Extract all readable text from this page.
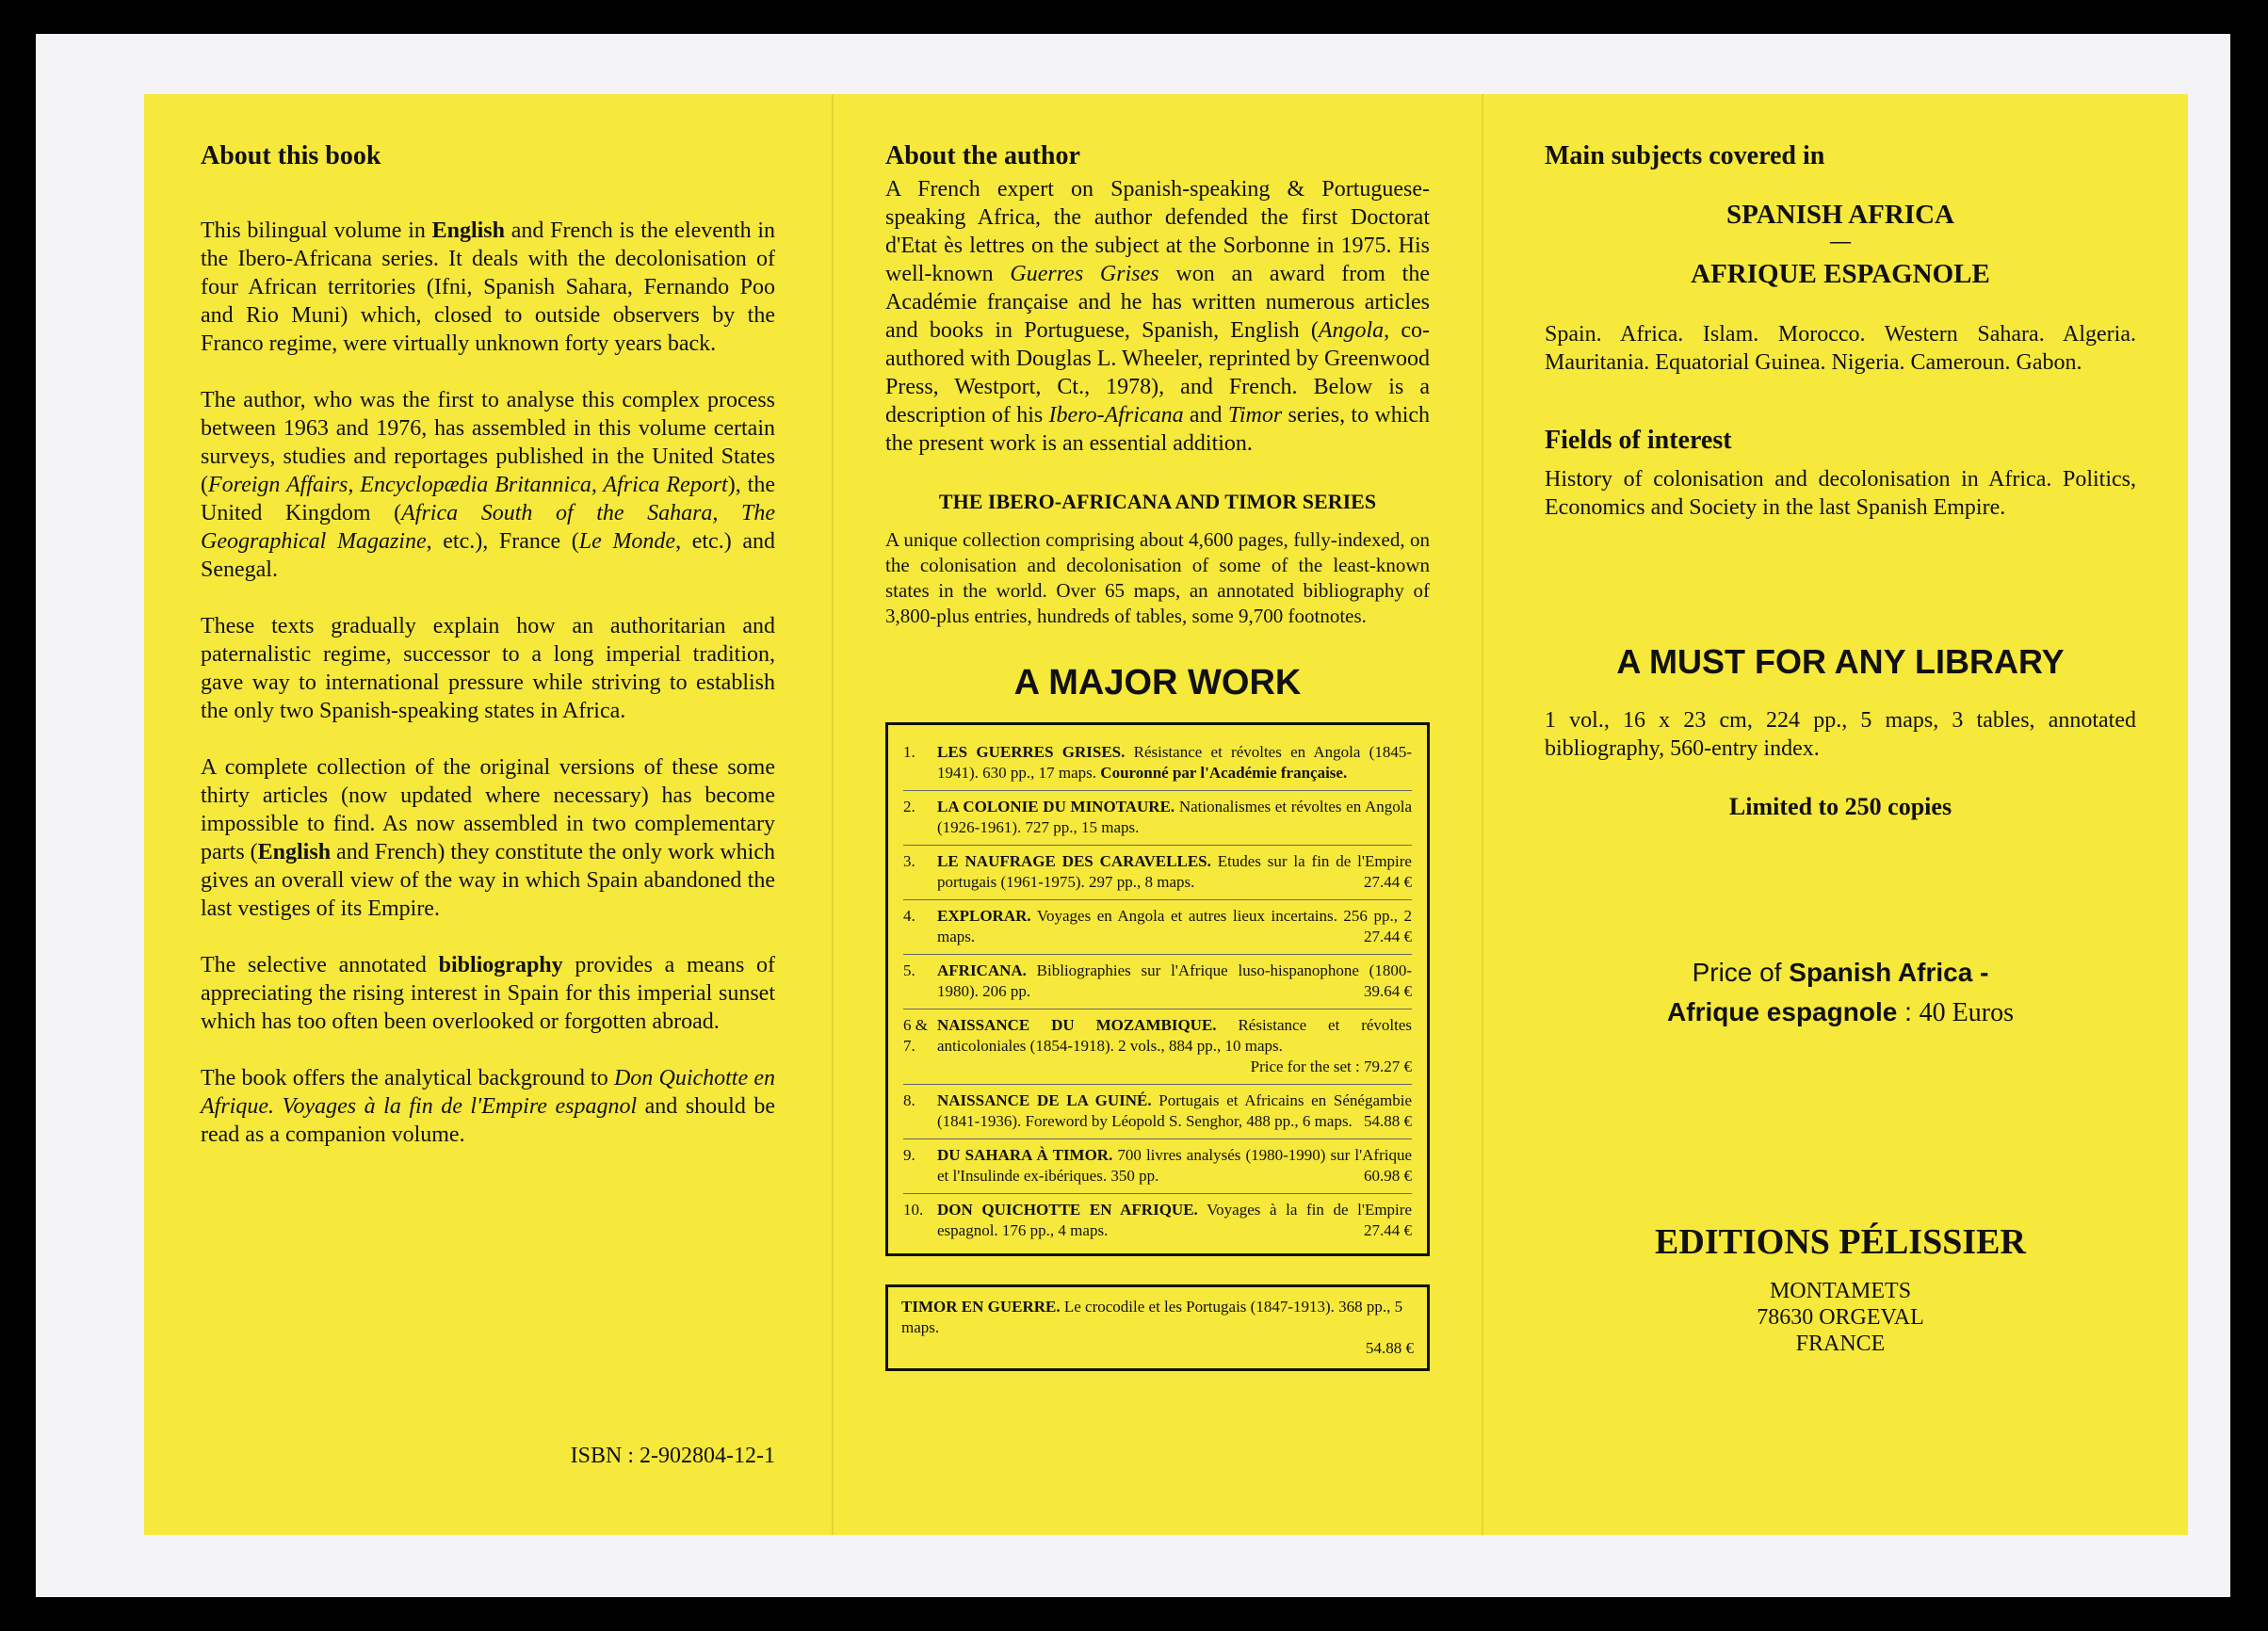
About this book

This bilingual volume in English and French is the eleventh in the Ibero-Africana series. It deals with the decolonisation of four African territories (Ifni, Spanish Sahara, Fernando Poo and Rio Muni) which, closed to outside observers by the Franco regime, were virtually unknown forty years back.

The author, who was the first to analyse this complex process between 1963 and 1976, has assembled in this volume certain surveys, studies and reportages published in the United States (Foreign Affairs, Encyclopædia Britannica, Africa Report), the United Kingdom (Africa South of the Sahara, The Geographical Magazine, etc.), France (Le Monde, etc.) and Senegal.

These texts gradually explain how an authoritarian and paternalistic regime, successor to a long imperial tradition, gave way to international pressure while striving to establish the only two Spanish-speaking states in Africa.

A complete collection of the original versions of these some thirty articles (now updated where necessary) has become impossible to find. As now assembled in two complementary parts (English and French) they constitute the only work which gives an overall view of the way in which Spain abandoned the last vestiges of its Empire.

The selective annotated bibliography provides a means of appreciating the rising interest in Spain for this imperial sunset which has too often been overlooked or forgotten abroad.

The book offers the analytical background to Don Quichotte en Afrique. Voyages à la fin de l'Empire espagnol and should be read as a companion volume.

ISBN : 2-902804-12-1
About the author

A French expert on Spanish-speaking & Portuguese-speaking Africa, the author defended the first Doctorat d'Etat ès lettres on the subject at the Sorbonne in 1975. His well-known Guerres Grises won an award from the Académie française and he has written numerous articles and books in Portuguese, Spanish, English (Angola, co-authored with Douglas L. Wheeler, reprinted by Greenwood Press, Westport, Ct., 1978), and French. Below is a description of his Ibero-Africana and Timor series, to which the present work is an essential addition.

THE IBERO-AFRICANA AND TIMOR SERIES

A unique collection comprising about 4,600 pages, fully-indexed, on the colonisation and decolonisation of some of the least-known states in the world. Over 65 maps, an annotated bibliography of 3,800-plus entries, hundreds of tables, some 9,700 footnotes.

A MAJOR WORK
1.	LES GUERRES GRISES. Résistance et révoltes en Angola (1845-1941). 630 pp., 17 maps. Couronné par l'Académie française.
2.	LA COLONIE DU MINOTAURE. Nationalismes et révoltes en Angola (1926-1961). 727 pp., 15 maps.
3.	LE NAUFRAGE DES CARAVELLES. Etudes sur la fin de l'Empire portugais (1961-1975). 297 pp., 8 maps.	27.44 €
4.	EXPLORAR. Voyages en Angola et autres lieux incertains. 256 pp., 2 maps.	27.44 €
5.	AFRICANA. Bibliographies sur l'Afrique luso-hispanophone (1800-1980). 206 pp.	39.64 €
6 & 7.
NAISSANCE DU MOZAMBIQUE. Résistance et révoltes anticoloniales (1854-1918). 2 vols., 884 pp., 10 maps.
Price for the set : 79.27 €
8.	NAISSANCE DE LA GUINÉ. Portugais et Africains en Sénégambie (1841-1936). Foreword by Léopold S. Senghor, 488 pp., 6 maps. 54.88 €
9.	DU SAHARA À TIMOR. 700 livres analysés (1980-1990) sur l'Afrique et l'Insulinde ex-ibériques. 350 pp.	60.98 €
10. DON QUICHOTTE EN AFRIQUE. Voyages à la fin de l'Empire espagnol. 176 pp., 4 maps.	27.44 €
TIMOR EN GUERRE. Le crocodile et les Portugais (1847-1913). 368 pp., 5 maps.
54.88 €
Main subjects covered in
SPANISH AFRICA
—
AFRIQUE ESPAGNOLE

Spain. Africa. Islam. Morocco. Western Sahara. Algeria. Mauritania. Equatorial Guinea. Nigeria. Cameroun. Gabon.

Fields of interest

History of colonisation and decolonisation in Africa. Politics, Economics and Society in the last Spanish Empire.

A MUST FOR ANY LIBRARY

1 vol., 16 x 23 cm, 224 pp., 5 maps, 3 tables, annotated bibliography, 560-entry index.

Limited to 250 copies
Price of Spanish Africa -
Afrique espagnole : 40 Euros
EDITIONS PÉLISSIER
MONTAMETS
78630 ORGEVAL
FRANCE
